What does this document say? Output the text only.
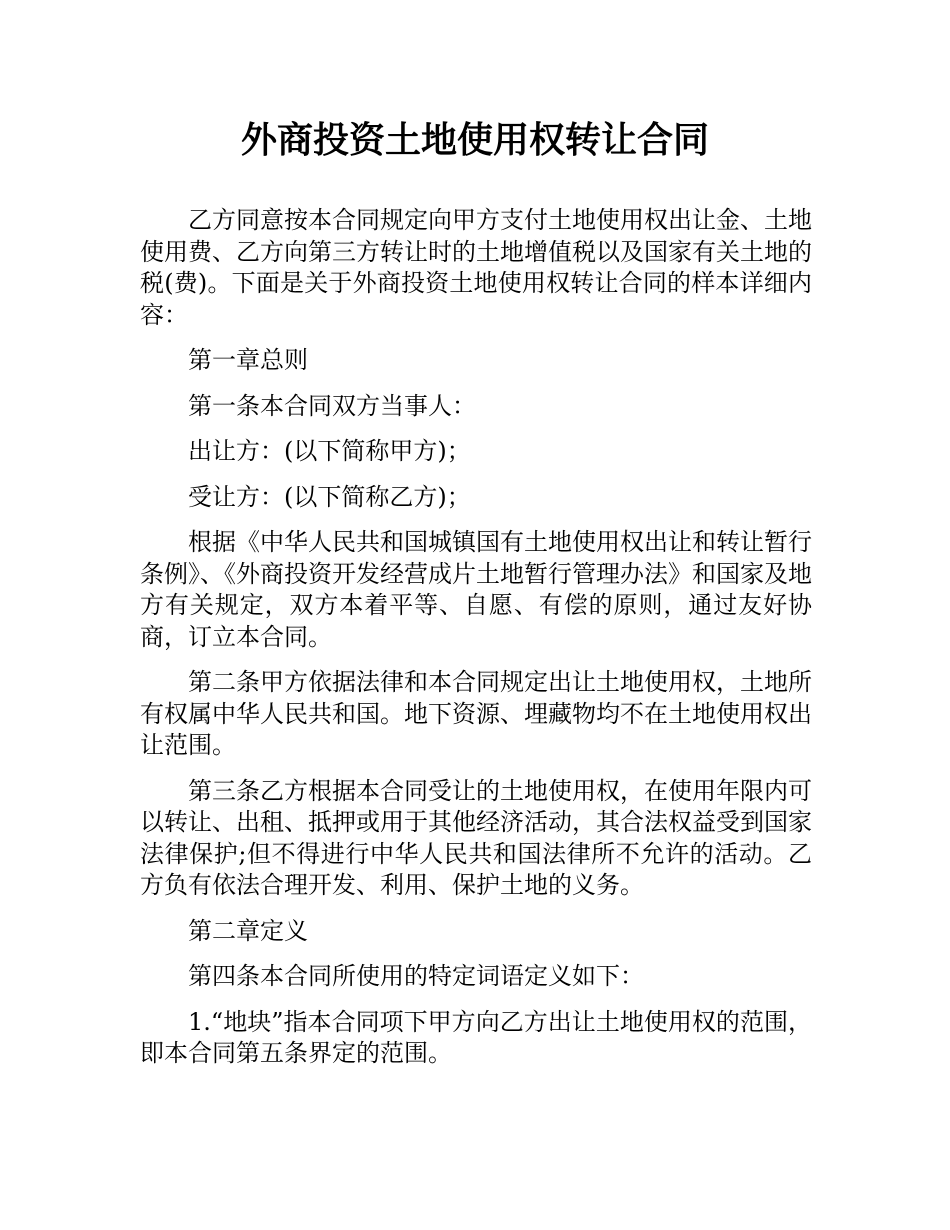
外商投资土地使用权转让合同

乙方同意按本合同规定向甲方支付土地使用权出让金、土地使用费、乙方向第三方转让时的土地增值税以及国家有关土地的税(费)。下面是关于外商投资土地使用权转让合同的样本详细内容：

第一章总则

第一条本合同双方当事人：

出让方：(以下简称甲方)；

受让方：(以下简称乙方)；

根据《中华人民共和国城镇国有土地使用权出让和转让暂行条例》、《外商投资开发经营成片土地暂行管理办法》和国家及地方有关规定，双方本着平等、自愿、有偿的原则，通过友好协商，订立本合同。

第二条甲方依据法律和本合同规定出让土地使用权，土地所有权属中华人民共和国。地下资源、埋藏物均不在土地使用权出让范围。

第三条乙方根据本合同受让的土地使用权，在使用年限内可以转让、出租、抵押或用于其他经济活动，其合法权益受到国家法律保护;但不得进行中华人民共和国法律所不允许的活动。乙方负有依法合理开发、利用、保护土地的义务。

第二章定义

第四条本合同所使用的特定词语定义如下：

1.“地块”指本合同项下甲方向乙方出让土地使用权的范围，即本合同第五条界定的范围。
